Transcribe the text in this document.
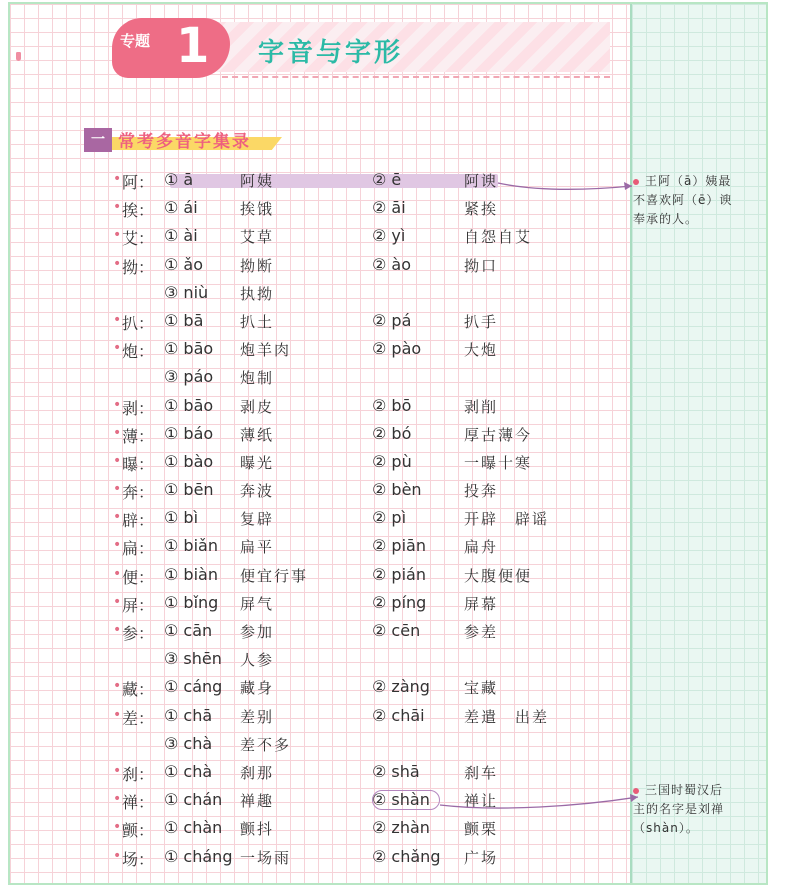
专题 1 字音与字形
一 常考多音字集录
• 阿： ① ā	阿姨	② ē	阿谀
• 挨： ① ái	挨饿	② āi	紧挨
• 艾： ① ài	艾草	② yì	自怨自艾
• 拗： ① ǎo 拗断	② ào	拗口
③ niù 执拗
• 扒： ① bā 扒土	② pá	扒手
• 炮： ① bāo 炮羊肉	② pào	大炮
③ páo 炮制
• 剥： ① bāo 剥皮	② bō	剥削
• 薄： ① báo 薄纸	② bó	厚古薄今
• 曝： ① bào 曝光	② pù	一曝十寒
• 奔： ① bēn 奔波	② bèn	投奔
• 辟： ① bì	复辟	② pì	开辟　辟谣
• 扁： ① biǎn 扁平	② piān	扁舟
• 便： ① biàn 便宜行事	② pián	大腹便便
• 屏： ① bǐng 屏气	② píng	屏幕
• 参： ① cān 参加	② cēn	参差
③ shēn 人参
• 藏： ① cáng 藏身	② zàng 宝藏
• 差： ① chā 差别	② chāi	差遣　出差
③ chà 差不多
• 刹： ① chà 刹那	② shā	刹车
• 禅： ① chán 禅趣	② shàn 禅让
• 颤： ① chàn 颤抖	② zhàn 颤栗
• 场： ① cháng 一场雨	② chǎng 广场
王阿（ā）姨最不喜欢阿（ē）谀奉承的人。
三国时蜀汉后主的名字是刘禅（shàn）。
